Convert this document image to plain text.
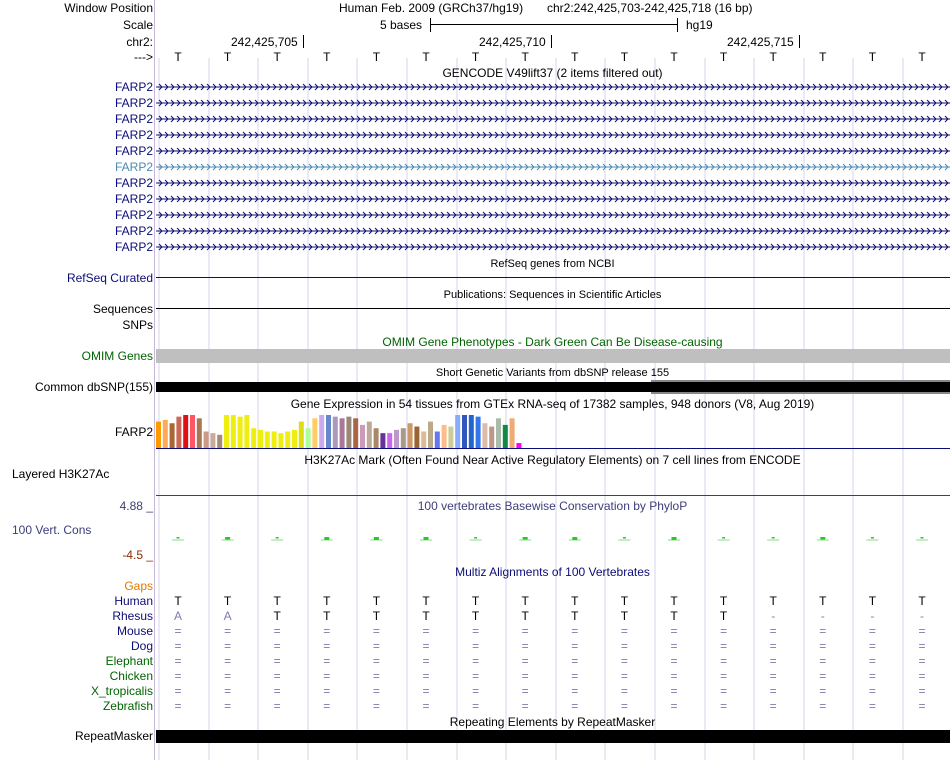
Window Position	Human Feb. 2009 (GRCh37/hg19) chr2:242,425,703-242,425,718 (16 bp)
Scale	5 bases	hg19
chr2:	242,425,705	242,425,710	242,425,715
---> T	T	T	T	T	T	T	T	T	T	T	T	T	T	T	T
GENCODE V49lift37 (2 items filtered out)
FARP2
FARP2
FARP2
FARP2
FARP2
FARP2
FARP2
FARP2
FARP2
FARP2
FARP2
RefSeq genes from NCBI
RefSeq Curated
Publications: Sequences in Scientific Articles
Sequences
SNPs
OMIM Gene Phenotypes - Dark Green Can Be Disease-causing
OMIM Genes
Short Genetic Variants from dbSNP release 155
Common dbSNP(155)
Gene Expression in 54 tissues from GTEx RNA-seq of 17382 samples, 948 donors (V8, Aug 2019)
FARP2
H3K27Ac Mark (Often Found Near Active Regulatory Elements) on 7 cell lines from ENCODE
Layered H3K27Ac
100 vertebrates Basewise Conservation by PhyloP
4.88 _
100 Vert. Cons
-4.5 _
Multiz Alignments of 100 Vertebrates
Gaps
Human T	T	T	T	T	T	T	T	T	T	T	T	T	T	T	T
Rhesus A	A	T	T	T	T	T	T	T	T	T	T	-	-	-	-
Mouse =	=	=	=	=	=	=	=	=	=	=	=	=	=	=	=
Dog =	=	=	=	=	=	=	=	=	=	=	=	=	=	=	=
Elephant =	=	=	=	=	=	=	=	=	=	=	=	=	=	=	=
Chicken =	=	=	=	=	=	=	=	=	=	=	=	=	=	=	=
X_tropicalis =	=	=	=	=	=	=	=	=	=	=	=	=	=	=	=
Zebrafish =	=	=	=	=	=	=	=	=	=	=	=	=	=	=	=
Repeating Elements by RepeatMasker
RepeatMasker
